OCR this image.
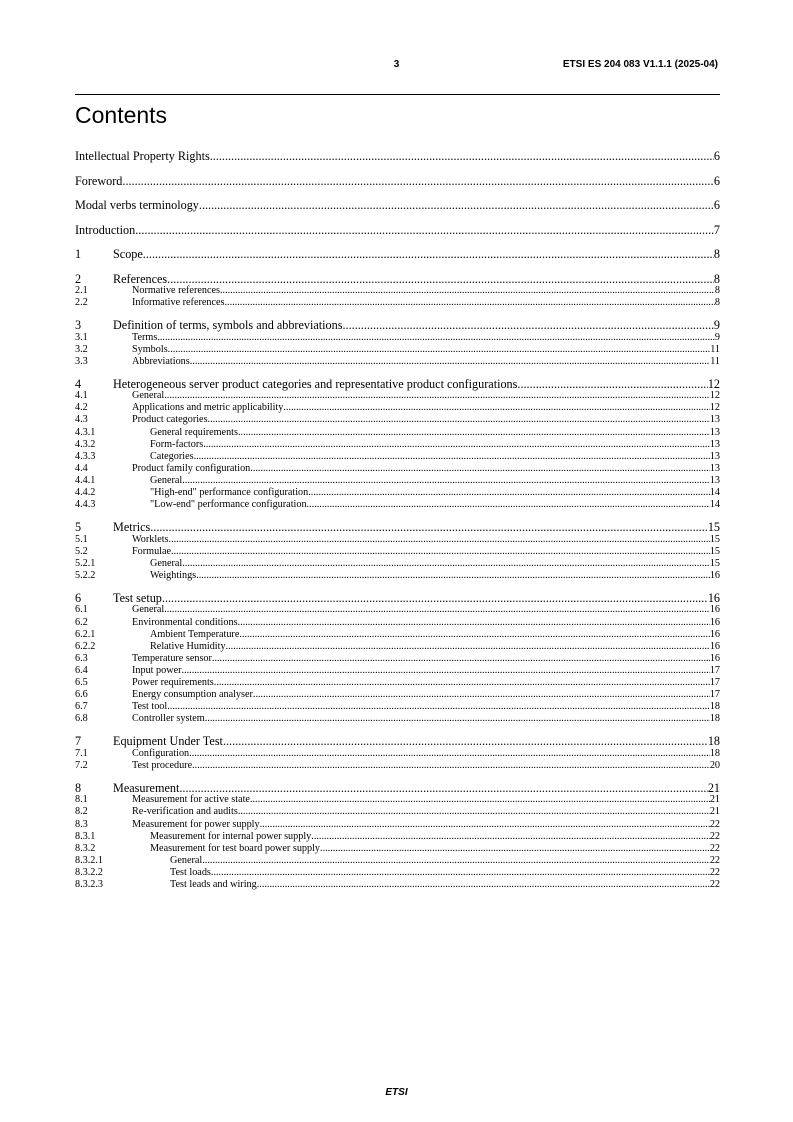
3	ETSI ES 204 083 V1.1.1 (2025-04)
Contents
Intellectual Property Rights .....	6
Foreword .....	6
Modal verbs terminology .....	6
Introduction .....	7
1	Scope .....	8
2	References .....	8
2.1	Normative references .....	8
2.2	Informative references .....	8
3	Definition of terms, symbols and abbreviations .....	9
3.1	Terms .....	9
3.2	Symbols .....	11
3.3	Abbreviations .....	11
4	Heterogeneous server product categories and representative product configurations .....	12
4.1	General .....	12
4.2	Applications and metric applicability .....	12
4.3	Product categories .....	13
4.3.1	General requirements .....	13
4.3.2	Form-factors .....	13
4.3.3	Categories .....	13
4.4	Product family configuration .....	13
4.4.1	General .....	13
4.4.2	"High-end" performance configuration .....	14
4.4.3	"Low-end" performance configuration .....	14
5	Metrics .....	15
5.1	Worklets .....	15
5.2	Formulae .....	15
5.2.1	General .....	15
5.2.2	Weightings .....	16
6	Test setup .....	16
6.1	General .....	16
6.2	Environmental conditions .....	16
6.2.1	Ambient Temperature .....	16
6.2.2	Relative Humidity .....	16
6.3	Temperature sensor .....	16
6.4	Input power .....	17
6.5	Power requirements .....	17
6.6	Energy consumption analyser .....	17
6.7	Test tool .....	18
6.8	Controller system .....	18
7	Equipment Under Test .....	18
7.1	Configuration .....	18
7.2	Test procedure .....	20
8	Measurement .....	21
8.1	Measurement for active state .....	21
8.2	Re-verification and audits .....	21
8.3	Measurement for power supply .....	22
8.3.1	Measurement for internal power supply .....	22
8.3.2	Measurement for test board power supply .....	22
8.3.2.1	General .....	22
8.3.2.2	Test loads .....	22
8.3.2.3	Test leads and wiring .....	22
ETSI
